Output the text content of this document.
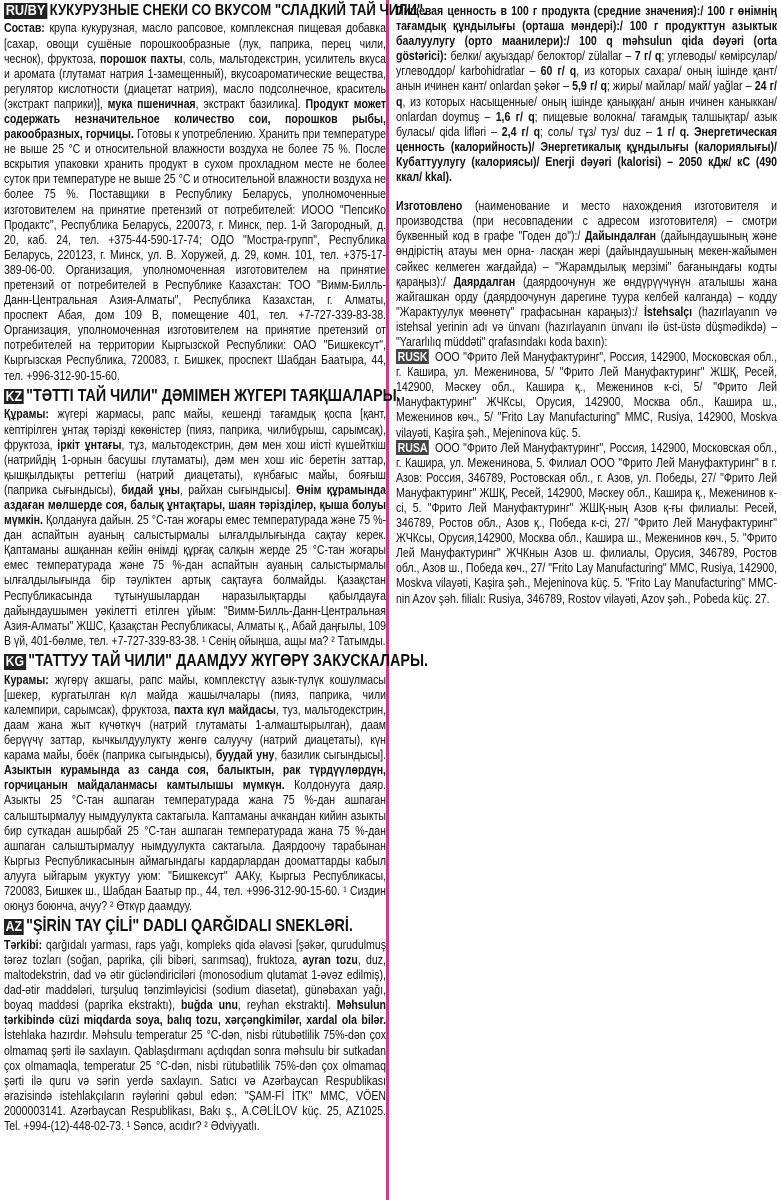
RU/BY КУКУРУЗНЫЕ СНЕКИ СО ВКУСОМ "СЛАДКИЙ ТАЙ ЧИЛИ".

Состав: крупа кукурузная, масло рапсовое, комплексная пищевая добавка [сахар, овощи сушёные порошкообразные (лук, паприка, перец чили, чеснок), фруктоза, порошок пахты, соль, мальтодекстрин, усилитель вкуса и аромата (глутамат натрия 1-замещенный), вкусоароматические вещества, регулятор кислотности (диацетат натрия), масло подсолнечное, краситель (экстракт паприки)], мука пшеничная, экстракт базилика]. Продукт может содержать незначительное количество сои, порошков рыбы, ракообразных, горчицы. Готовы к употреблению. Хранить при температуре не выше 25 °С и относительной влажности воздуха не более 75 %. После вскрытия упаковки хранить продукт в сухом прохладном месте не более суток при температуре не выше 25 °С и относительной влажности воздуха не более 75 %. Поставщики в Республику Беларусь, уполномоченные изготовителем на принятие претензий от потребителей: ИООО "ПепсиКо Продактс", Республика Беларусь, 220073, г. Минск, пер. 1-й Загородный, д. 20, каб. 24, тел. +375-44-590-17-74; ОДО "Мостра-групп", Республика Беларусь, 220123, г. Минск, ул. В. Хоружей, д. 29, комн. 101, тел. +375-17-389-06-00. Организация, уполномоченная изготовителем на принятие претензий от потребителей в Республике Казахстан: ТОО "Вимм-Билль-Данн-Центральная Азия-Алматы", Республика Казахстан, г. Алматы, проспект Абая, дом 109 В, помещение 401, тел. +7-727-339-83-38. Организация, уполномоченная изготовителем на принятие претензий от потребителей на территории Кыргызской Республики: ОАО "Бишкексут", Кыргызская Республика, 720083, г. Бишкек, проспект Шабдан Баатыра, 44, тел. +996-312-90-15-60.

KZ "ТӘТТІ ТАЙ ЧИЛИ" ДӘМІМЕН ЖҮГЕРІ ТАЯҚШАЛАРЫ.

Құрамы: жүгері жармасы, рапс майы, кешенді тағамдық қоспа [қант, кептірілген ұнтақ тәрізді көкөністер (пияз, паприка, чилибұрыш, сарымсақ), фруктоза, іркіт ұнтағы, тұз, мальтодекстрин, дәм мен хош иісті күшейткіш (натрийдің 1-орнын басушы глутаматы), дәм мен хош иіс беретін заттар, қышқылдықты реттегіш (натрий диацетаты), күнбағыс майы, бояғыш (паприка сығындысы), бидай ұны, райхан сығындысы]. Өнім құрамында аздаған мөлшерде соя, балық ұнтақтары, шаян тәрізділер, қыша болуы мүмкін. Қолдануға дайын. 25 °С-тан жоғары емес температурада және 75 %-дан аспайтын ауаның салыстырмалы ылғалдылығында сақтау керек. Қаптаманы ашқаннан кейін өнімді құрғақ салқын жерде 25 °С-тан жоғары емес температурада және 75 %-дан аспайтын ауаның салыстырмалы ылғалдылығында бір тәуліктен артық сақтауға болмайды. Қазақстан Республикасында тұтынушылардан наразылықтарды қабылдауға дайындаушымен уәкілетті етілген ұйым: "Вимм-Билль-Данн-Центральная Азия-Алматы" ЖШС, Қазақстан Республикасы, Алматы қ., Абай даңғылы, 109 В үй, 401-бөлме, тел. +7-727-339-83-38. ¹ Сенің ойыңша, ащы ма? ² Татымды.

KG "ТАТТУУ ТАЙ ЧИЛИ" ДААМДУУ ЖҮГӨРҮ ЗАКУСКАЛАРЫ.

Курамы: жүгөрү акшагы, рапс майы, комплекстүү азык-түлүк кошулмасы [шекер, кургатылган күл майда жашылчалары (пияз, паприка, чили калемпири, сарымсак), фруктоза, пахта күл майдасы, туз, мальтодекстрин, даам жана жыт күчөткүч (натрий глутаматы 1-алмаштырылган), даам берүүчү заттар, кычкылдуулукту жөнгө салуучу (натрий диацетаты), күн карама майы, боёк (паприка сыгындысы), буудай уну, базилик сыгындысы]. Азыктын курамында аз санда соя, балыктын, рак түрдүүлөрдүн, горчицанын майдаланмасы камтылышы мүмкүн. Колдонууга даяр. Азыкты 25 °С-тан ашпаган температурада жана 75 %-дан ашпаган салыштырмалуу нымдуулукта сактагыла. Каптаманы ачкандан кийин азыкты бир суткадан ашырбай 25 °С-тан ашпаган температурада жана 75 %-дан ашпаган салыштырмалуу нымдуулукта сактагыла. Даярдоочу тарабынан Кыргыз Республикасынын аймагындагы кардарлардан дооматтарды кабыл алууга ыйгарым укуктуу уюм: "Бишкексут" ААКу, Кыргыз Республикасы, 720083, Бишкек ш., Шабдан Баатыр пр., 44, тел. +996-312-90-15-60. ¹ Сиздин оюңуз боюнча, ачуу? ² Өткүр даамдуу.

AZ "ŞİRİN TAY ÇİLİ" DADLI QARĞIDALI SNEKLƏRİ.

Tərkibi: qarğıdalı yarması, raps yağı, kompleks qida əlavəsi [şəkər, qurudulmuş tərəz tozları (soğan, paprika, çili bibəri, sarımsaq), fruktoza, ayran tozu, duz, maltodekstrin, dad və ətir gücləndiriciləri (monosodium qlutamat 1-əvəz edilmiş), dad-ətir maddələri, turşuluq tənzimləyicisi (sodium diasetat), günəbaxan yağı, boyaq maddəsi (paprika ekstraktı), buğda unu, reyhan ekstraktı]. Məhsulun tərkibində cüzi miqdarda soya, balıq tozu, xərçəngkimilər, xardal ola bilər. İstehlaka hazırdır. Məhsulu temperatur 25 °C-dən, nisbi rütubətlilik 75%-dən çox olmamaq şərti ilə saxlayın. Qablaşdırmanı açdıqdan sonra məhsulu bir sutkadan çox olmamaqla, temperatur 25 °C-dən, nisbi rütubətlilik 75%-dən çox olmamaq şərti ilə quru və sərin yerdə saxlayın. Satıcı və Azərbaycan Respublikası ərazisində istehlakçıların rəylərini qəbul edən: "ŞAM-Fİ İTK" MMC, VÖEN 2000003141. Azərbaycan Respublikası, Bakı ş., A.CƏLİLOV küç. 25, AZ1025. Tel. +994-(12)-448-02-73. ¹ Səncə, acıdır? ² Ədviyyatlı.

Пищевая ценность в 100 г продукта (средние значения):/ 100 г өнімнің тағамдық құндылығы (орташа мәндері):/ 100 г продукттун азыктык баалуулугу (орто маанилери):/ 100 q məhsulun qida dəyəri (orta göstərici): белки/ ақуыздар/ белоктор/ zülallar – 7 г/ q; углеводы/ көмірсулар/ углеводдор/ karbohidratlar – 60 г/ q, из которых сахара/ оның ішінде қант/ анын ичинен кант/ onlardan şəkər – 5,9 г/ q; жиры/ майлар/ май/ yağlar – 24 г/ q, из которых насыщенные/ оның ішінде қаныққан/ анын ичинен каныккан/ onlardan doymuş – 1,6 г/ q; пищевые волокна/ тағамдық талшықтар/ азык буласы/ qida lifləri – 2,4 г/ q; соль/ тұз/ туз/ duz – 1 г/ q. Энергетическая ценность (калорийность)/ Энергетикалық құндылығы (калориялығы)/ Кубаттуулугу (калориясы)/ Enerji dəyəri (kalorisi) – 2050 кДж/ кС (490 ккал/ kkal).

Изготовлено (наименование и место нахождения изготовителя и производства (при несовпадении с адресом изготовителя) – смотри буквенный код в графе "Годен до"):/ Дайындалған (дайындаушының және өндірістің атауы мен орна- ласқан жері (дайындаушының мекен-жайымен сәйкес келмеген жағдайда) – "Жарамдылық мерзімі" бағанындағы кодты қараңыз):/ Даярдалган (даярдоочунун же өндүрүүчүнүн аталышы жана жайгашкан орду (даярдоочунун дарегине туура келбей калганда) – кодду "Жарактуулук мөөнөтү" графасынан караңыз):/ İstehsalçı (hazırlayanın və istehsal yerinin adı və ünvanı (hazırlayanın ünvanı ilə üst-üstə düşmədikdə) – "Yararlılıq müddəti" qrafasındakı koda baxın):

RUSK ООО "Фрито Лей Мануфактуринг", Россия, 142900, Московская обл., г. Кашира, ул. Меженинова, 5/ "Фрито Лей Мануфактуринг" ЖШҚ, Ресей, 142900, Мәскеу обл., Кашира қ., Меженинов к-сі, 5/ "Фрито Лей Мануфактуринг" ЖЧКсы, Орусия, 142900, Москва обл., Кашира ш., Меженинов көч., 5/ "Frito Lay Manufacturing" MMC, Rusiya, 142900, Moskva vilayəti, Kaşira şəh., Mejeninova küç. 5.

RUSA ООО "Фрито Лей Мануфактуринг", Россия, 142900, Московская обл., г. Кашира, ул. Меженинова, 5. Филиал ООО "Фрито Лей Мануфактуринг" в г. Азов: Россия, 346789, Ростовская обл., г. Азов, ул. Победы, 27/ "Фрито Лей Мануфактуринг" ЖШҚ, Ресей, 142900, Мәскеу обл., Кашира қ., Меженинов к-сі, 5. "Фрито Лей Мануфактуринг" ЖШҚ-ның Азов қ-ғы филиалы: Ресей, 346789, Ростов обл., Азов қ., Победа к-сі, 27/ "Фрито Лей Мануфактуринг" ЖЧКсы, Орусия,142900, Москва обл., Кашира ш., Меженинов көч., 5. "Фрито Лей Мануфактуринг" ЖЧКнын Азов ш. филиалы, Орусия, 346789, Ростов обл., Азов ш., Победа көч., 27/ "Frito Lay Manufacturing" MMC, Rusiya, 142900, Moskva vilayəti, Kaşira şəh., Mejeninova küç. 5. "Frito Lay Manufacturing" MMC-nin Azov şəh. filialı: Rusiya, 346789, Rostov vilayəti, Azov şəh., Pobeda küç. 27.
